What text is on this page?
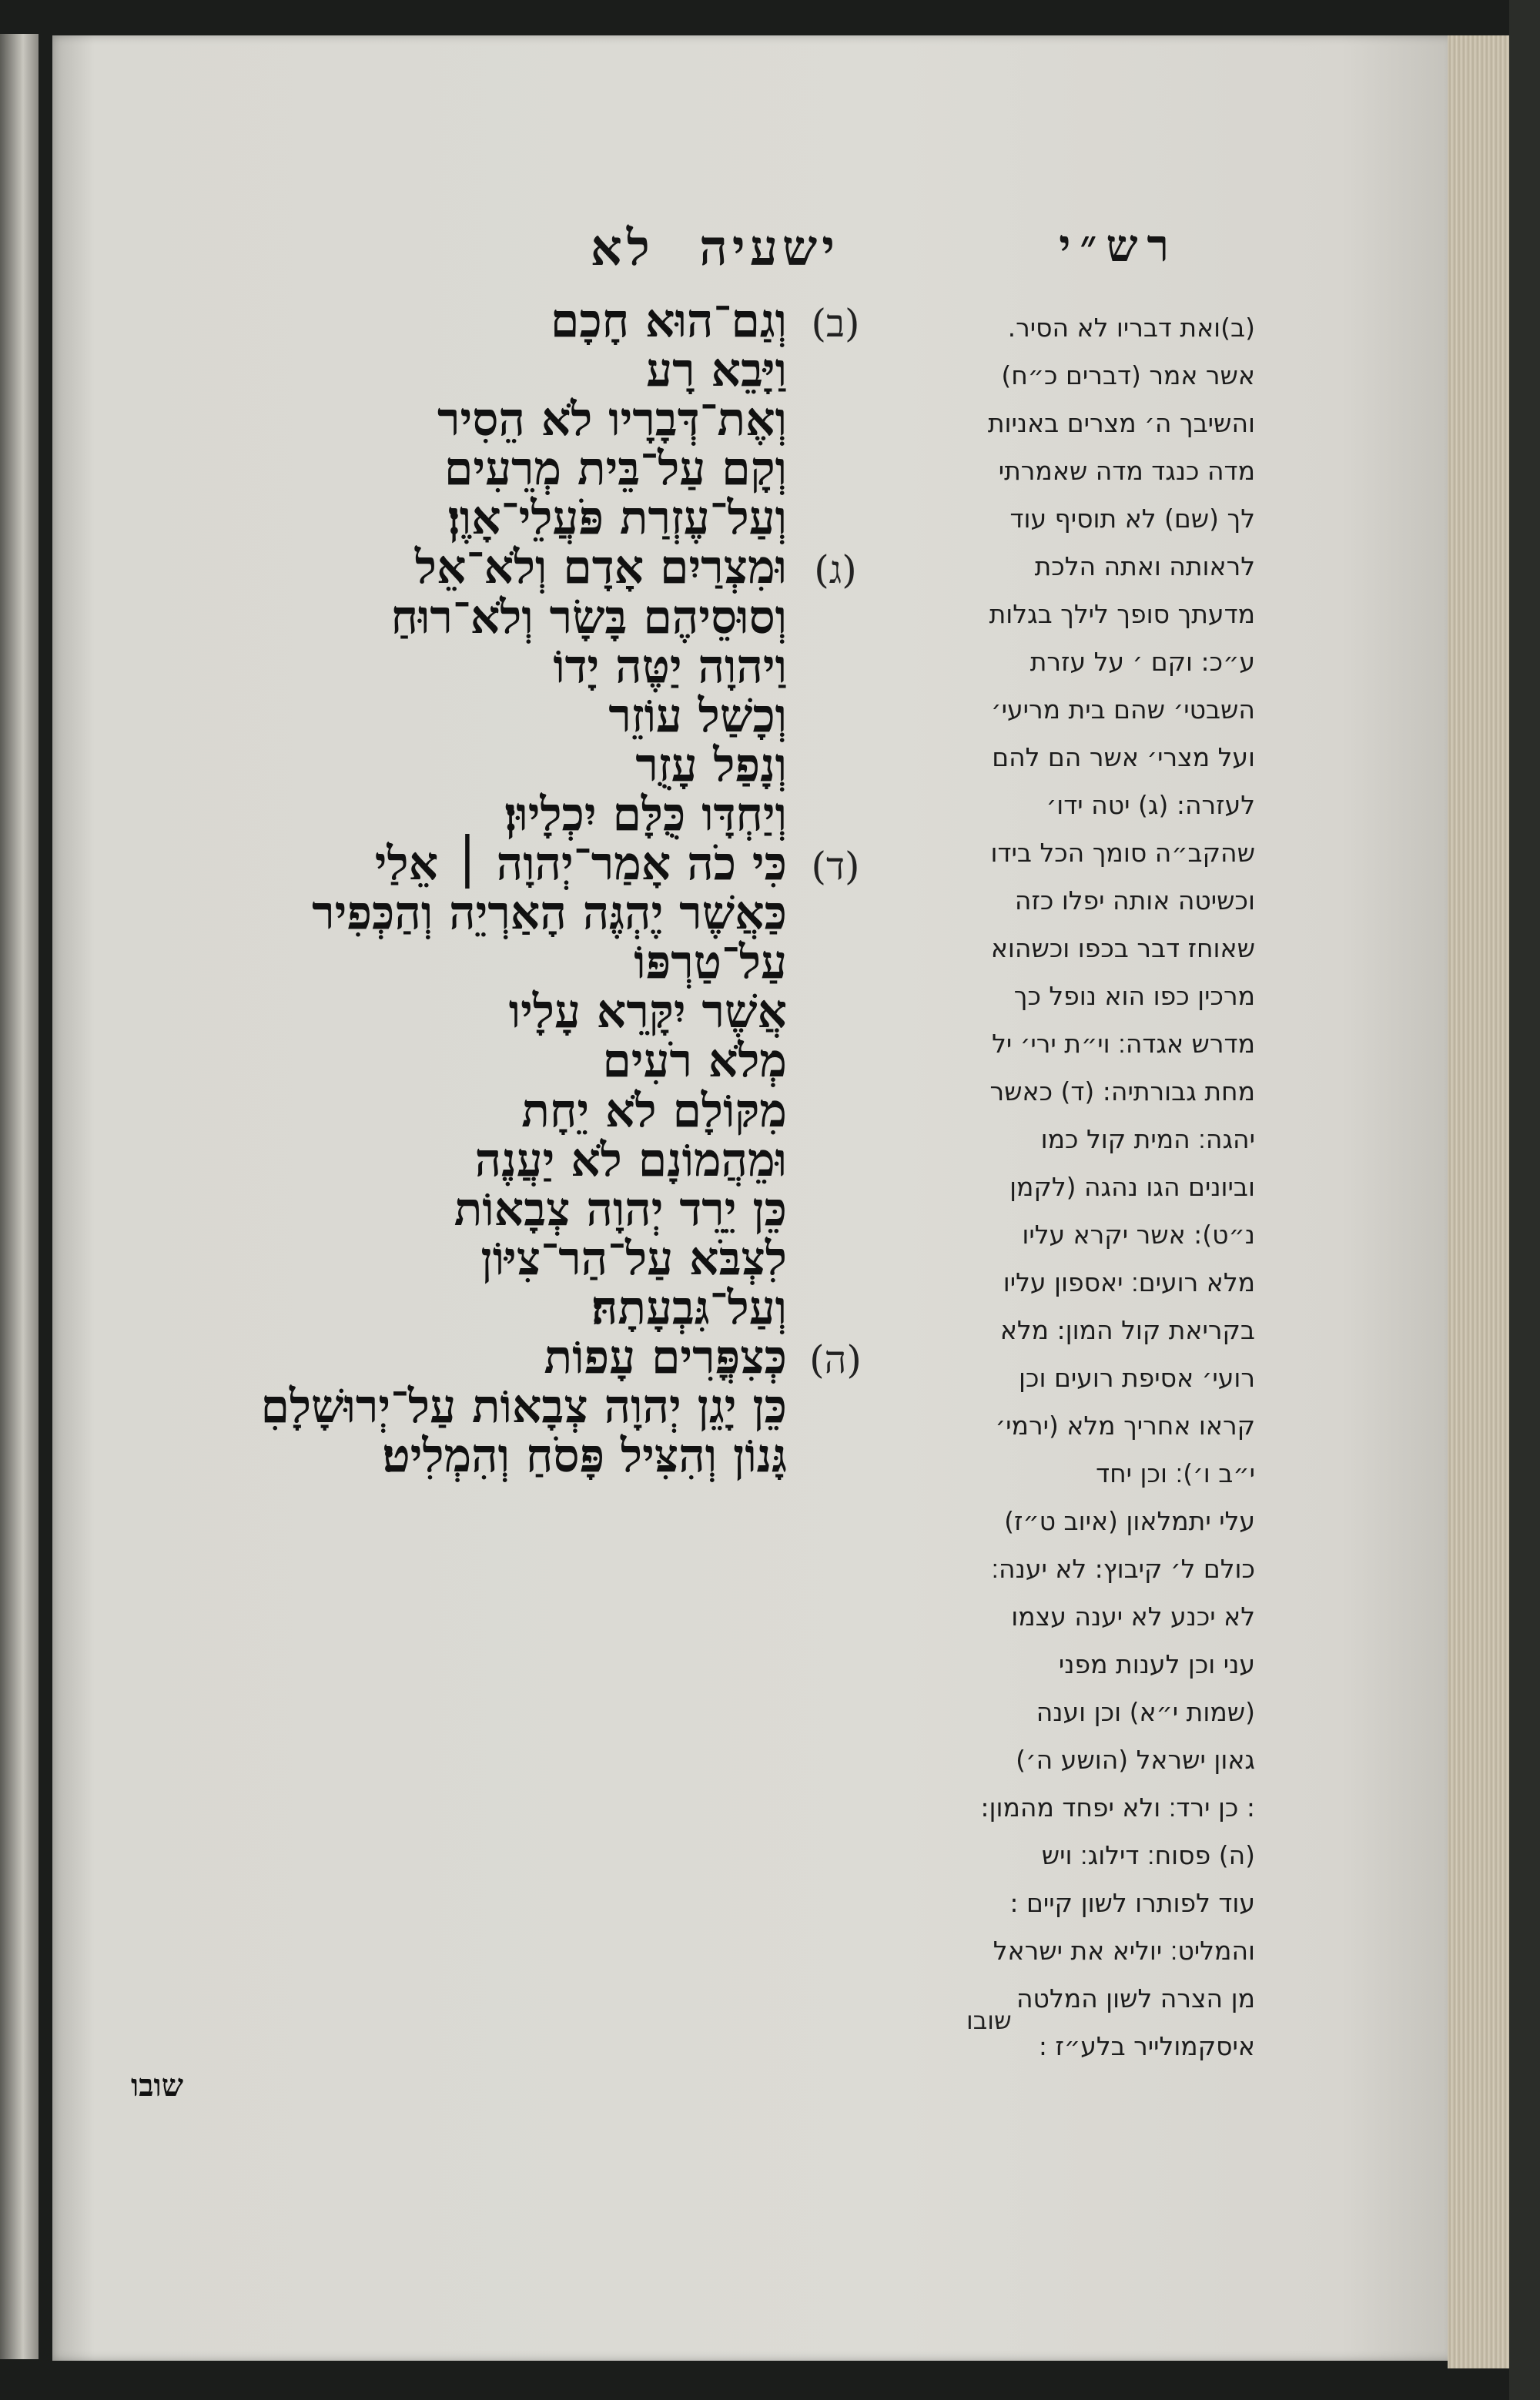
רש״י
ישעיה לא
(ב)
וְגַם־הוּא חָכָם
וַיָּבֵא רָע
וְאֶת־דְּבָרָיו לֹא הֵסִיר
וְקָם עַל־בֵּית מְרֵעִים
וְעַל־עֶזְרַת פֹּעֲלֵי־אָוֶן׃
(ג)
וּמִצְרַיִם אָדָם וְלֹא־אֵל
וְסוּסֵיהֶם בָּשָׂר וְלֹא־רוּחַ
וַיהוָה יַטֶּה יָדוֹ
וְכָשַׁל עוֹזֵר
וְנָפַל עָזֻר
וְיַחְדָּו כֻּלָּם יִכְלָיוּן׃
(ד)
כִּי כֹה אָמַר־יְהוָה ׀ אֵלַי
כַּאֲשֶׁר יֶהְגֶּה הָאַרְיֵה וְהַכְּפִיר
עַל־טַרְפּוֹ
אֲשֶׁר יִקָּרֵא עָלָיו
מְלֹא רֹעִים
מִקּוֹלָם לֹא יֵחָת
וּמֵהֲמוֹנָם לֹא יַעֲנֶה
כֵּן יֵרֵד יְהוָה צְבָאוֹת
לִצְבֹּא עַל־הַר־צִיּוֹן
וְעַל־גִּבְעָתָהּ׃
(ה)
כְּצִפֳּרִים עָפוֹת
כֵּן יָגֵן יְהוָה צְבָאוֹת עַל־יְרוּשָׁלָםִ
גָּנוֹן וְהִצִּיל פָּסֹחַ וְהִמְלִיט׃
(ב)ואת דבריו לא הסיר.
אשר אמר (דברים כ״ח)
והשיבך ה׳ מצרים באניות
מדה כנגד מדה שאמרתי
לך (שם) לא תוסיף עוד
לראותה ואתה הלכת
מדעתך סופך לילך בגלות
ע״כ: וקם ׳ על עזרת
השבטי׳ שהם בית מריעי׳
ועל מצרי׳ אשר הם להם
לעזרה: (ג) יטה ידו׳
שהקב״ה סומך הכל בידו
וכשיטה אותה יפלו כזה
שאוחז דבר בכפו וכשהוא
מרכין כפו הוא נופל כך
מדרש אגדה׃ וי״ת ירי׳ יל
מחת גבורתיה: (ד) כאשר
יהגה׃ המית קול כמו
וביונים הגו נהגה (לקמן
נ״ט): אשר יקרא עליו
מלא רועים׃ יאספון עליו
בקריאת קול המון: מלא
רועי׳ אסיפת רועים וכן
קראו אחריך מלא (ירמי׳
י״ב ו׳)׃ וכן יחד
עלי יתמלאון (איוב ט״ז)
כולם ל׳ קיבוץ: לא יענה׃
לא יכנע לא יענה עצמו
עני וכן לענות מפני
(שמות י״א) וכן וענה
גאון ישראל (הושע ה׳)
: כן ירד׃ ולא יפחד מהמון:
(ה) פסוח׃ דילוג׃ ויש
עוד לפותרו לשון קיים :
והמליט׃ יוליא את ישראל
מן הצרה לשון המלטה
איסקמולייר בלע״ז :
שובו
שובו
